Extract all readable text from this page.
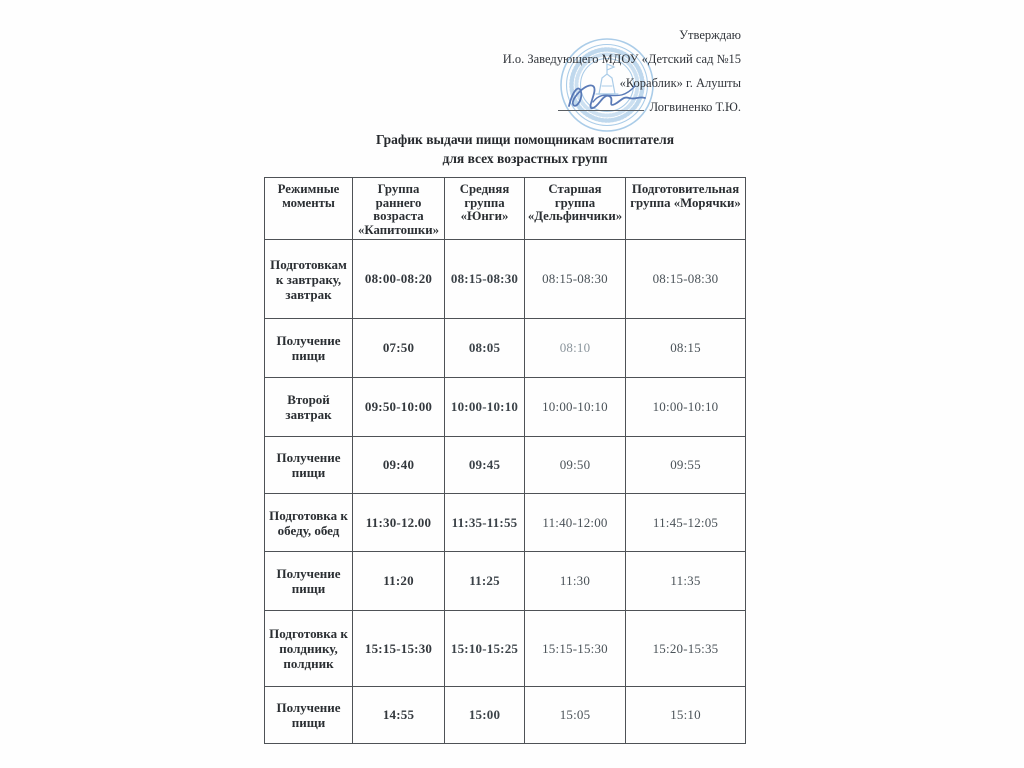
Утверждаю
И.о. Заведующего МДОУ «Детский сад №15
«Кораблик» г. Алушты
Логвиненко Т.Ю.
График выдачи пищи помощникам воспитателя
для всех возрастных групп
Режимные моменты	Группа раннего возраста «Капитошки»	Средняя группа «Юнги»	Старшая группа «Дельфинчики»	Подготовительная группа «Морячки»
Подготовкам к завтраку, завтрак	08:00-08:20	08:15-08:30	08:15-08:30	08:15-08:30
Получение пищи	07:50	08:05	08:10	08:15
Второй завтрак	09:50-10:00	10:00-10:10	10:00-10:10	10:00-10:10
Получение пищи	09:40	09:45	09:50	09:55
Подготовка к обеду, обед	11:30-12.00	11:35-11:55	11:40-12:00	11:45-12:05
Получение пищи	11:20	11:25	11:30	11:35
Подготовка к полднику, полдник	15:15-15:30	15:10-15:25	15:15-15:30	15:20-15:35
Получение пищи	14:55	15:00	15:05	15:10
